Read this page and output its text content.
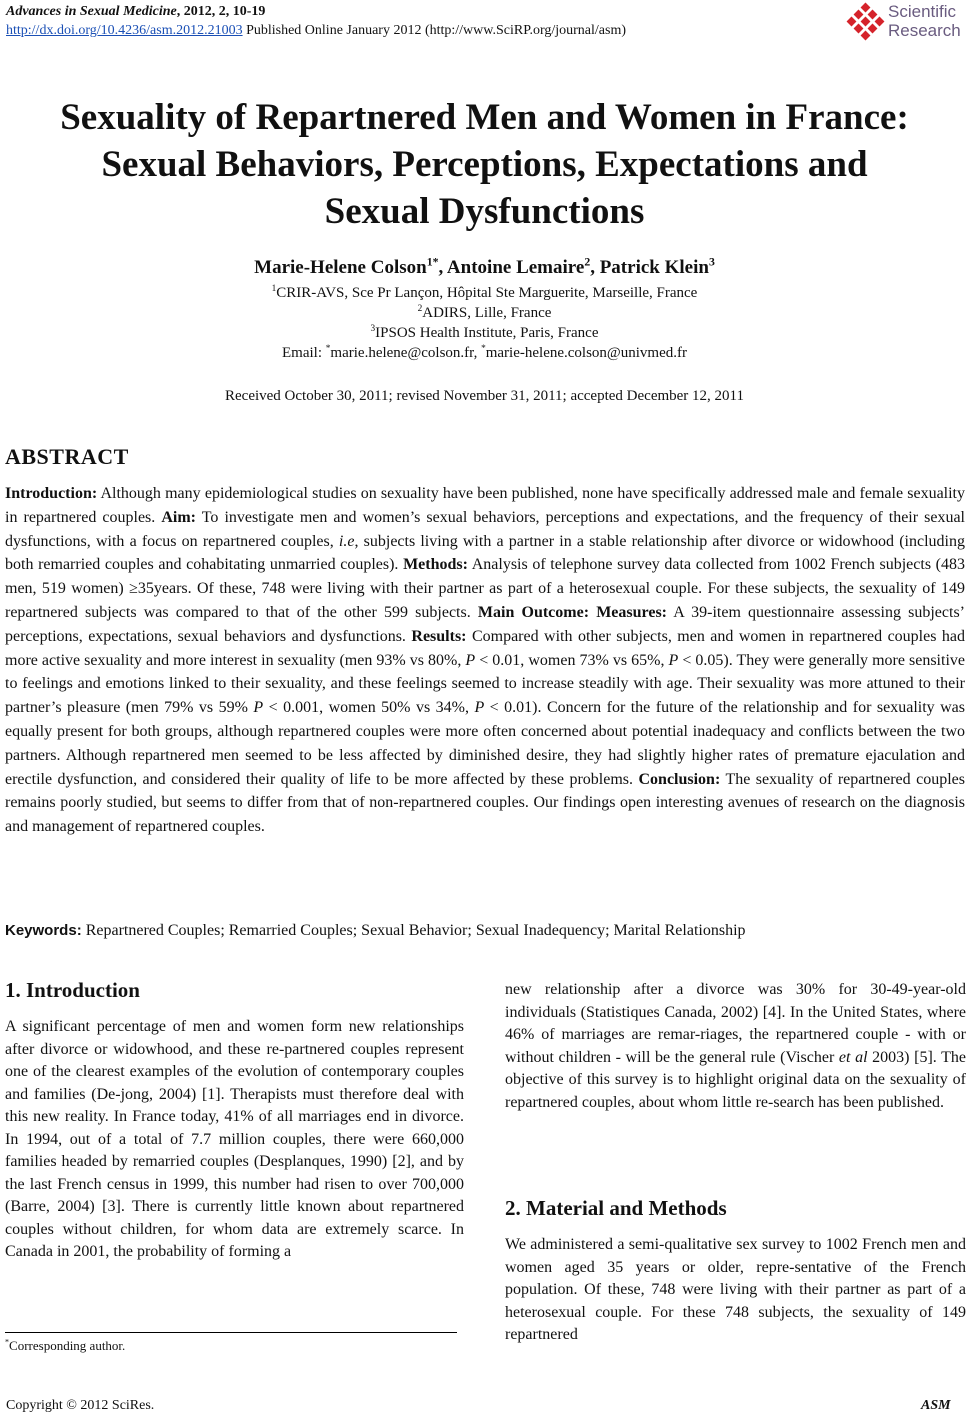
Advances in Sexual Medicine, 2012, 2, 10-19
http://dx.doi.org/10.4236/asm.2012.21003 Published Online January 2012 (http://www.SciRP.org/journal/asm)
Scientific
Research
Sexuality of Repartnered Men and Women in France:
Sexual Behaviors, Perceptions, Expectations and
Sexual Dysfunctions
Marie-Helene Colson$^{1*}$, Antoine Lemaire$^2$, Patrick Klein$^3$
$^1$CRIR-AVS, Sce Pr Lançon, Hôpital Ste Marguerite, Marseille, France
$^2$ADIRS, Lille, France
$^3$IPSOS Health Institute, Paris, France
Email: *marie.helene@colson.fr, *marie-helene.colson@univmed.fr
Received October 30, 2011; revised November 31, 2011; accepted December 12, 2011
ABSTRACT
Introduction: Although many epidemiological studies on sexuality have been published, none have specifically addressed male and female sexuality in repartnered couples. Aim: To investigate men and women’s sexual behaviors, perceptions and expectations, and the frequency of their sexual dysfunctions, with a focus on repartnered couples, i.e, subjects living with a partner in a stable relationship after divorce or widowhood (including both remarried couples and cohabitating unmarried couples). Methods: Analysis of telephone survey data collected from 1002 French subjects (483 men, 519 women) ≥35years. Of these, 748 were living with their partner as part of a heterosexual couple. For these subjects, the sexuality of 149 repartnered subjects was compared to that of the other 599 subjects. Main Outcome: Measures: A 39-item questionnaire assessing subjects’ perceptions, expectations, sexual behaviors and dysfunctions. Results: Compared with other subjects, men and women in repartnered couples had more active sexuality and more interest in sexuality (men 93% vs 80%, P < 0.01, women 73% vs 65%, P < 0.05). They were generally more sensitive to feelings and emotions linked to their sexuality, and these feelings seemed to increase steadily with age. Their sexuality was more attuned to their partner’s pleasure (men 79% vs 59% P < 0.001, women 50% vs 34%, P < 0.01). Concern for the future of the relationship and for sexuality was equally present for both groups, although repartnered couples were more often concerned about potential inadequacy and conflicts between the two partners. Although repartnered men seemed to be less affected by diminished desire, they had slightly higher rates of premature ejaculation and erectile dysfunction, and considered their quality of life to be more affected by these problems. Conclusion: The sexuality of repartnered couples remains poorly studied, but seems to differ from that of non-repartnered couples. Our findings open interesting avenues of research on the diagnosis and management of repartnered couples.
Keywords: Repartnered Couples; Remarried Couples; Sexual Behavior; Sexual Inadequency; Marital Relationship
1. Introduction
A significant percentage of men and women form new relationships after divorce or widowhood, and these re-partnered couples represent one of the clearest examples of the evolution of contemporary couples and families (De-jong, 2004) [1]. Therapists must therefore deal with this new reality. In France today, 41% of all marriages end in divorce. In 1994, out of a total of 7.7 million couples, there were 660,000 families headed by remarried couples (Desplanques, 1990) [2], and by the last French census in 1999, this number had risen to over 700,000 (Barre, 2004) [3]. There is currently little known about repartnered couples without children, for whom data are extremely scarce. In Canada in 2001, the probability of forming a
new relationship after a divorce was 30% for 30-49-year-old individuals (Statistiques Canada, 2002) [4]. In the United States, where 46% of marriages are remar-riages, the repartnered couple - with or without children - will be the general rule (Vischer et al 2003) [5]. The objective of this survey is to highlight original data on the sexuality of repartnered couples, about whom little re-search has been published.
2. Material and Methods
We administered a semi-qualitative sex survey to 1002 French men and women aged 35 years or older, repre-sentative of the French population. Of these, 748 were living with their partner as part of a heterosexual couple. For these 748 subjects, the sexuality of 149 repartnered
*Corresponding author.
Copyright © 2012 SciRes.	ASM
